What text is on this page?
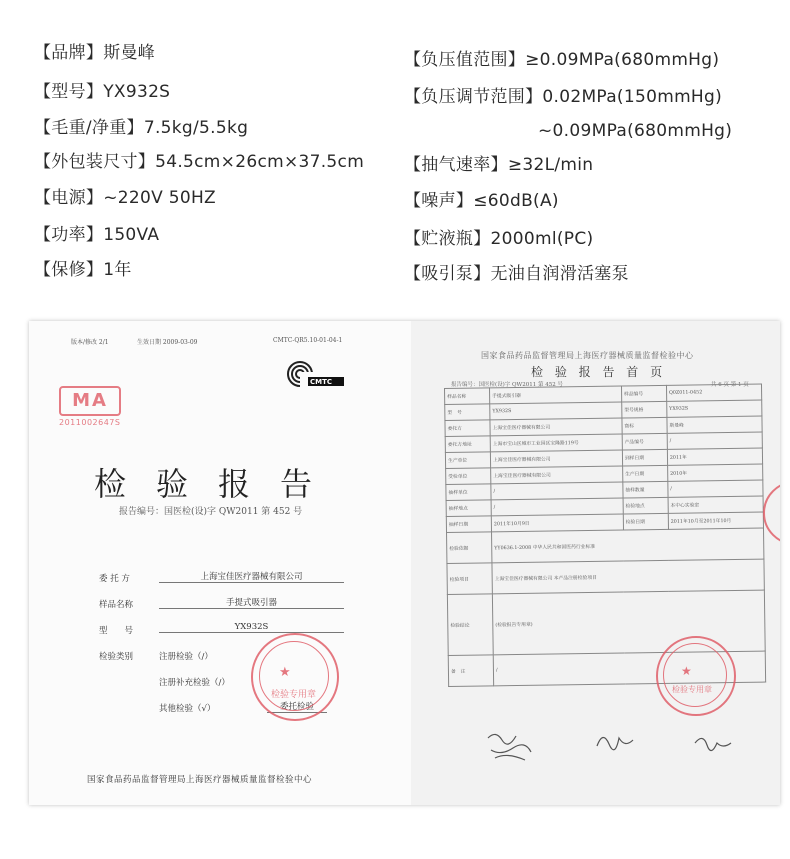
【品牌】斯曼峰
【型号】YX932S
【毛重/净重】7.5kg/5.5kg
【外包装尺寸】54.5cm×26cm×37.5cm
【电源】~220V 50HZ
【功率】150VA
【保修】1年
【负压值范围】≥0.09MPa(680mmHg)
【负压调节范围】0.02MPa(150mmHg)
~0.09MPa(680mmHg)
【抽气速率】≥32L/min
【噪声】≤60dB(A)
【贮液瓶】2000ml(PC)
【吸引泵】无油自润滑活塞泵
版本/修改 2/1	生效日期 2009-03-09	CMTC-QR5.10-01-04-1
MA
2011002647S
CMTC
检验报告
报告编号：国医检(设)字 QW2011 第 452 号
委 托 方	上海宝佳医疗器械有限公司
样品名称	手提式吸引器
型　　号	YX932S
检验类别	注册检验（/）
注册补充检验（/）
其他检验（√）	委托检验
★
检验专用章
国家食品药品监督管理局上海医疗器械质量监督检验中心
国家食品药品监督管理局上海医疗器械质量监督检验中心
检 验 报 告 首 页
报告编号：国医检(设)字 QW2011 第 452 号	共 6 页 第 1 页
样品名称	手提式吸引器	样品编号	Q0Z011-0452
型　号	YX932S	型号规格	YX932S
委托方	上海宝佳医疗器械有限公司	商标	斯曼峰
委托方地址	上海市宝山区城市工业园区宝隆路119号	产品编号	/
生产单位	上海宝佳医疗器械有限公司	到样日期	2011年
受检单位	上海宝佳医疗器械有限公司	生产日期	2010年
抽样单位	/	抽样数量	/
抽样地点	/	检验地点	本中心实验室
抽样日期	2011年10月9日	检验日期	2011年10月至2011年10月
检验依据	YY0636.1-2008 中华人民共和国医药行业标准		
检验项目	上海宝佳医疗器械有限公司 本产品注册检验项目		
检验结论	(检验报告专用章)		
备　注	/			★
检验专用章
